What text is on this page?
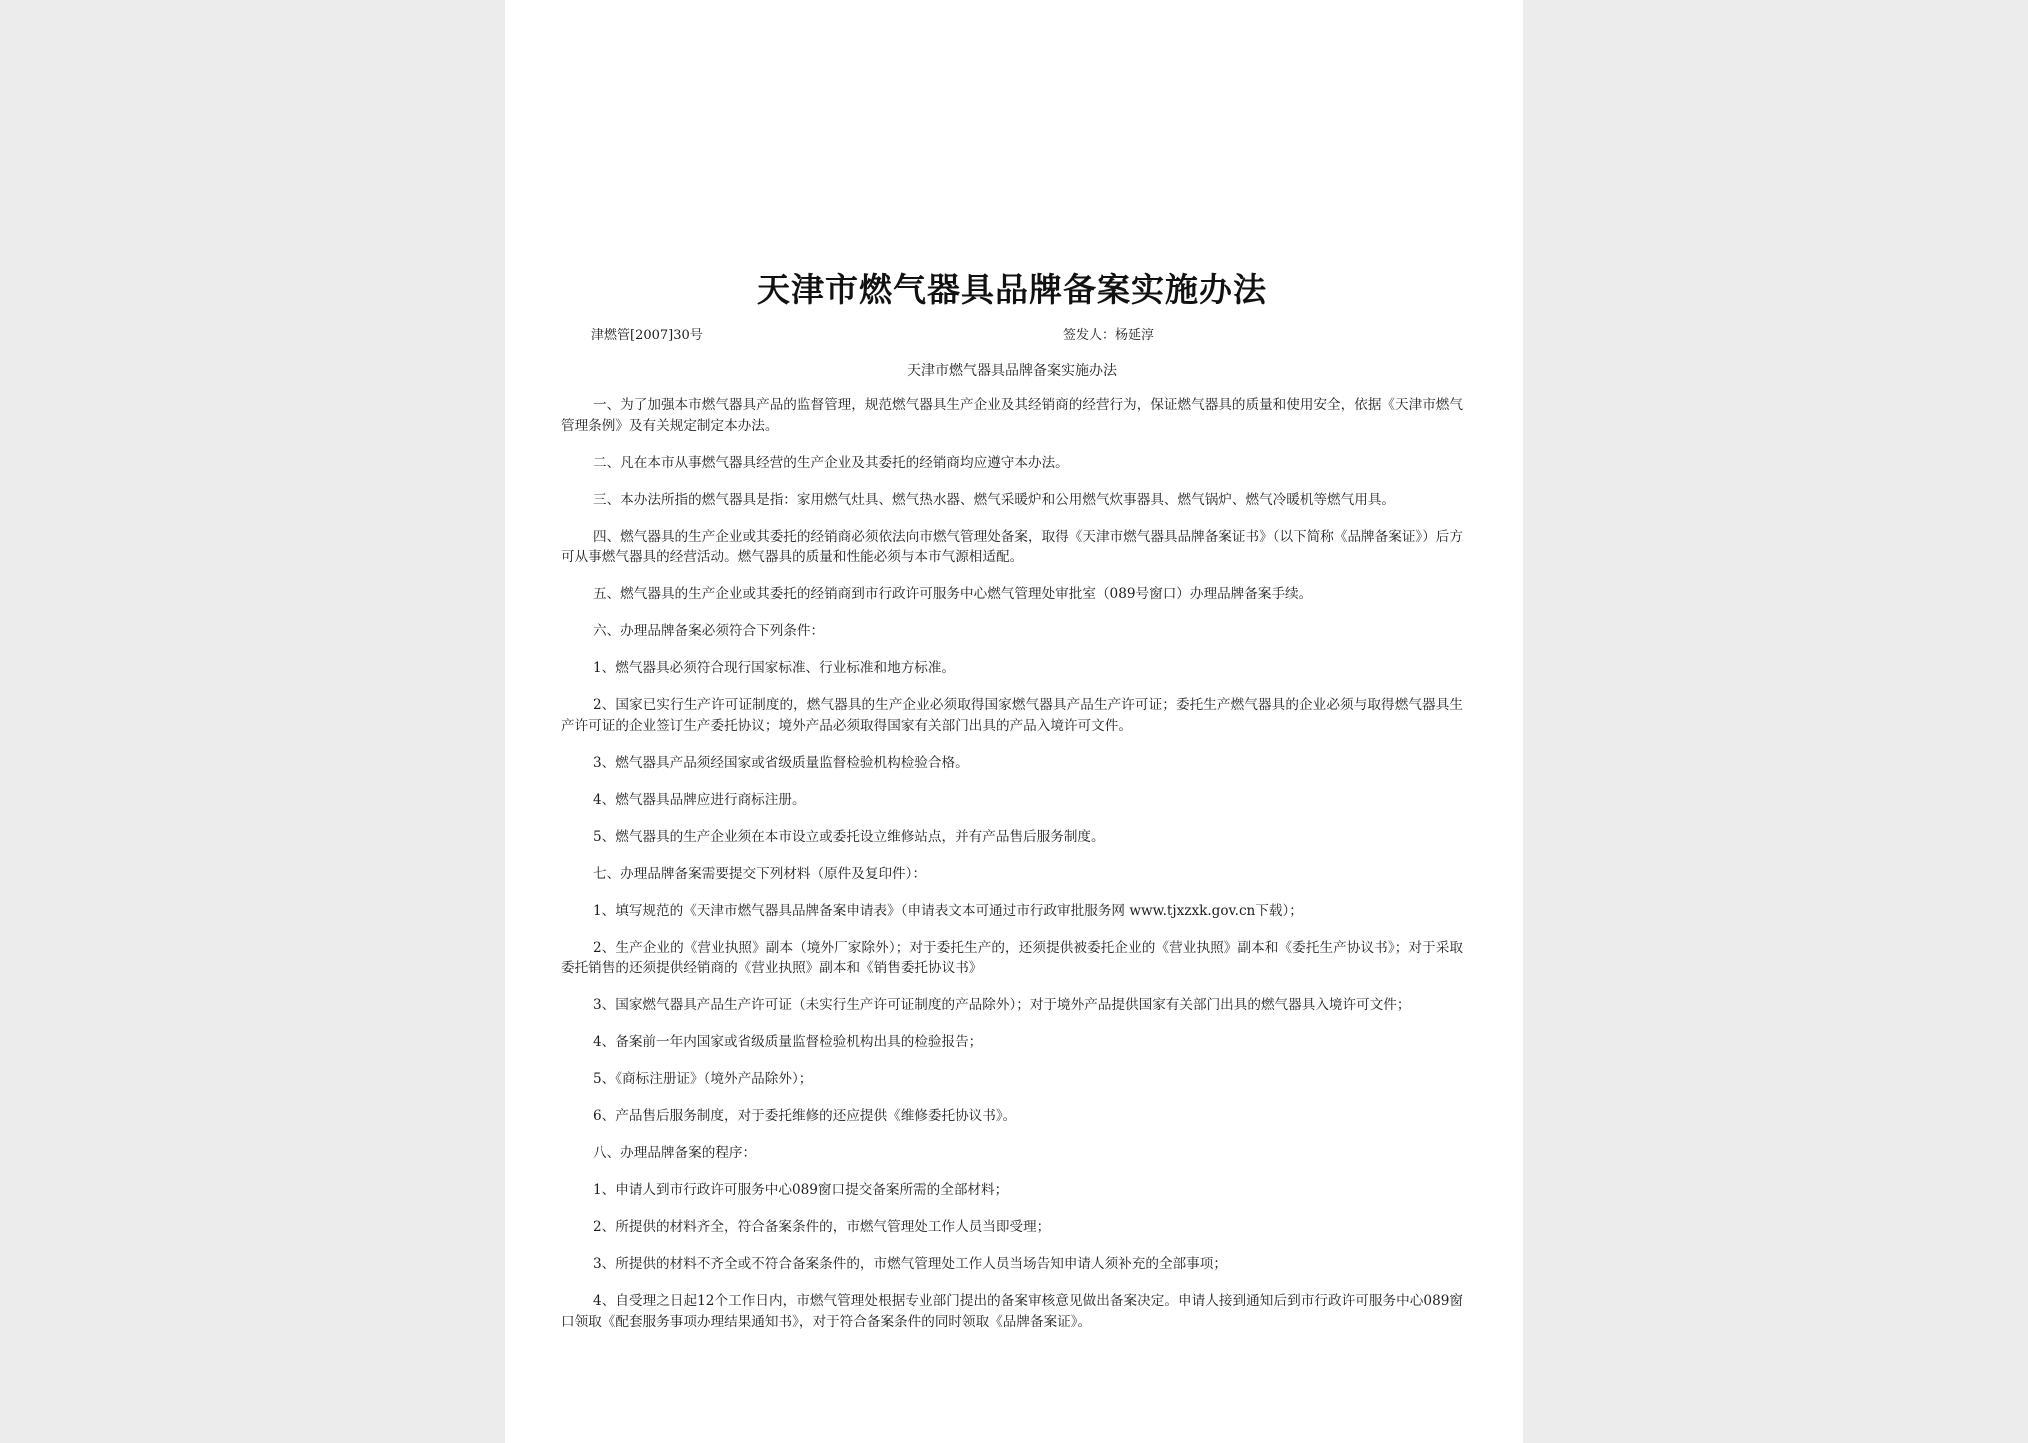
天津市燃气器具品牌备案实施办法
津燃管[2007]30号	签发人：杨延淳
天津市燃气器具品牌备案实施办法

一、为了加强本市燃气器具产品的监督管理，规范燃气器具生产企业及其经销商的经营行为，保证燃气器具的质量和使用安全，依据《天津市燃气管理条例》及有关规定制定本办法。

二、凡在本市从事燃气器具经营的生产企业及其委托的经销商均应遵守本办法。

三、本办法所指的燃气器具是指：家用燃气灶具、燃气热水器、燃气采暖炉和公用燃气炊事器具、燃气锅炉、燃气冷暖机等燃气用具。

四、燃气器具的生产企业或其委托的经销商必须依法向市燃气管理处备案，取得《天津市燃气器具品牌备案证书》（以下简称《品牌备案证》）后方可从事燃气器具的经营活动。燃气器具的质量和性能必须与本市气源相适配。

五、燃气器具的生产企业或其委托的经销商到市行政许可服务中心燃气管理处审批室（089号窗口）办理品牌备案手续。

六、办理品牌备案必须符合下列条件：

1、燃气器具必须符合现行国家标准、行业标准和地方标准。

2、国家已实行生产许可证制度的，燃气器具的生产企业必须取得国家燃气器具产品生产许可证；委托生产燃气器具的企业必须与取得燃气器具生产许可证的企业签订生产委托协议；境外产品必须取得国家有关部门出具的产品入境许可文件。

3、燃气器具产品须经国家或省级质量监督检验机构检验合格。

4、燃气器具品牌应进行商标注册。

5、燃气器具的生产企业须在本市设立或委托设立维修站点，并有产品售后服务制度。

七、办理品牌备案需要提交下列材料（原件及复印件）：

1、填写规范的《天津市燃气器具品牌备案申请表》（申请表文本可通过市行政审批服务网 www.tjxzxk.gov.cn下载）；

2、生产企业的《营业执照》副本（境外厂家除外）；对于委托生产的，还须提供被委托企业的《营业执照》副本和《委托生产协议书》；对于采取委托销售的还须提供经销商的《营业执照》副本和《销售委托协议书》

3、国家燃气器具产品生产许可证（未实行生产许可证制度的产品除外）；对于境外产品提供国家有关部门出具的燃气器具入境许可文件；

4、备案前一年内国家或省级质量监督检验机构出具的检验报告；

5、《商标注册证》（境外产品除外）；

6、产品售后服务制度，对于委托维修的还应提供《维修委托协议书》。

八、办理品牌备案的程序：

1、申请人到市行政许可服务中心089窗口提交备案所需的全部材料；

2、所提供的材料齐全，符合备案条件的，市燃气管理处工作人员当即受理；

3、所提供的材料不齐全或不符合备案条件的，市燃气管理处工作人员当场告知申请人须补充的全部事项；

4、自受理之日起12个工作日内，市燃气管理处根据专业部门提出的备案审核意见做出备案决定。申请人接到通知后到市行政许可服务中心089窗口领取《配套服务事项办理结果通知书》，对于符合备案条件的同时领取《品牌备案证》。
